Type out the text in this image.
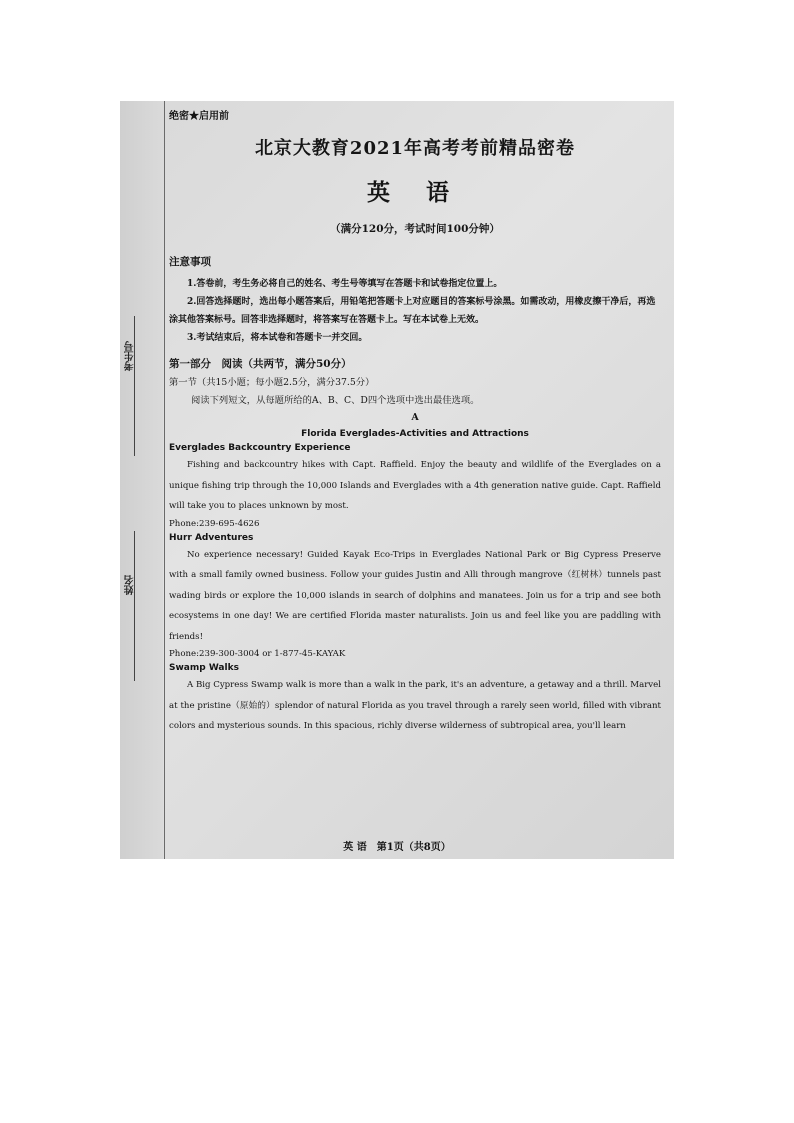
考生号
姓名
绝密★启用前
北京大教育2021年高考考前精品密卷
英 语
（满分120分，考试时间100分钟）
注意事项

1.答卷前，考生务必将自己的姓名、考生号等填写在答题卡和试卷指定位置上。

2.回答选择题时，选出每小题答案后，用铅笔把答题卡上对应题目的答案标号涂黑。如需改动，用橡皮擦干净后，再选涂其他答案标号。回答非选择题时，将答案写在答题卡上。写在本试卷上无效。

3.考试结束后，将本试卷和答题卡一并交回。

第一部分　阅读（共两节，满分50分）
第一节（共15小题；每小题2.5分，满分37.5分）
阅读下列短文，从每题所给的A、B、C、D四个选项中选出最佳选项。
A
Florida Everglades-Activities and Attractions
Everglades Backcountry Experience

Fishing and backcountry hikes with Capt. Raffield. Enjoy the beauty and wildlife of the Everglades on a unique fishing trip through the 10,000 Islands and Everglades with a 4th generation native guide. Capt. Raffield will take you to places unknown by most.

Phone:239-695-4626
Hurr Adventures

No experience necessary! Guided Kayak Eco-Trips in Everglades National Park or Big Cypress Preserve with a small family owned business. Follow your guides Justin and Alli through mangrove（红树林）tunnels past wading birds or explore the 10,000 islands in search of dolphins and manatees. Join us for a trip and see both ecosystems in one day! We are certified Florida master naturalists. Join us and feel like you are paddling with friends!

Phone:239-300-3004 or 1-877-45-KAYAK
Swamp Walks

A Big Cypress Swamp walk is more than a walk in the park, it's an adventure, a getaway and a thrill. Marvel at the pristine（原始的）splendor of natural Florida as you travel through a rarely seen world, filled with vibrant colors and mysterious sounds. In this spacious, richly diverse wilderness of subtropical area, you'll learn

英 语　第1页（共8页）
